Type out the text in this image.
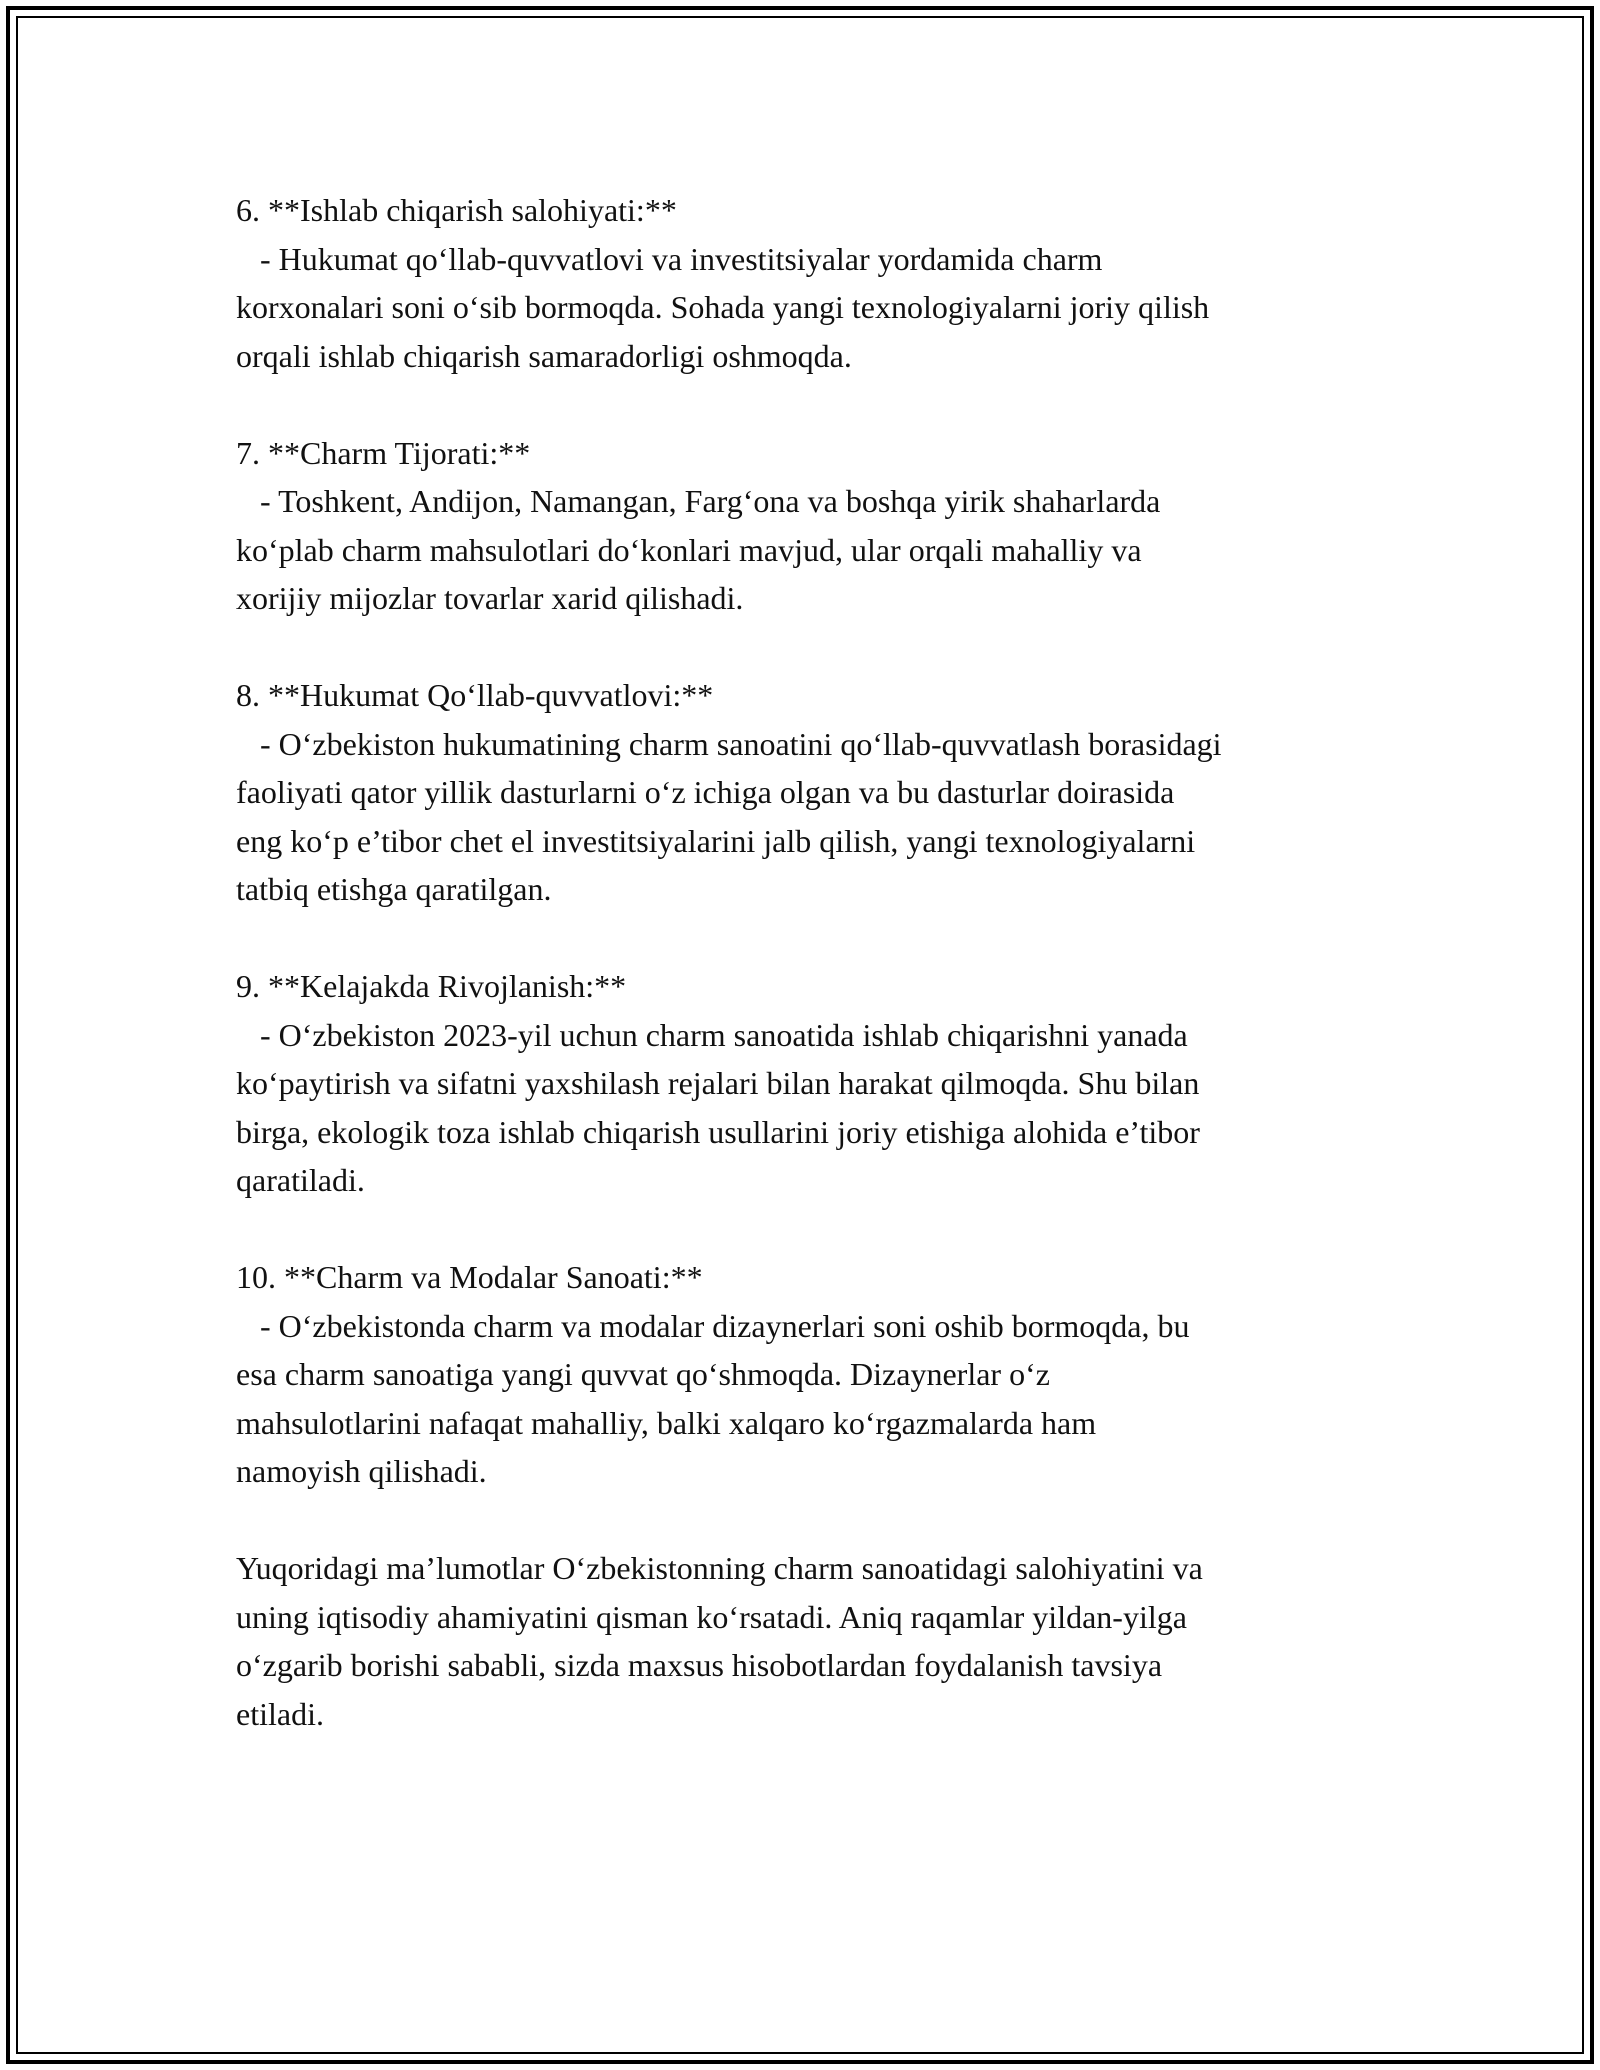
6. **Ishlab chiqarish salohiyati:**
- Hukumat qo‘llab-quvvatlovi va investitsiyalar yordamida charm
korxonalari soni o‘sib bormoqda. Sohada yangi texnologiyalarni joriy qilish
orqali ishlab chiqarish samaradorligi oshmoqda.
7. **Charm Tijorati:**
- Toshkent, Andijon, Namangan, Farg‘ona va boshqa yirik shaharlarda
ko‘plab charm mahsulotlari do‘konlari mavjud, ular orqali mahalliy va
xorijiy mijozlar tovarlar xarid qilishadi.
8. **Hukumat Qo‘llab-quvvatlovi:**
- O‘zbekiston hukumatining charm sanoatini qo‘llab-quvvatlash borasidagi
faoliyati qator yillik dasturlarni o‘z ichiga olgan va bu dasturlar doirasida
eng ko‘p e’tibor chet el investitsiyalarini jalb qilish, yangi texnologiyalarni
tatbiq etishga qaratilgan.
9. **Kelajakda Rivojlanish:**
- O‘zbekiston 2023-yil uchun charm sanoatida ishlab chiqarishni yanada
ko‘paytirish va sifatni yaxshilash rejalari bilan harakat qilmoqda. Shu bilan
birga, ekologik toza ishlab chiqarish usullarini joriy etishiga alohida e’tibor
qaratiladi.
10. **Charm va Modalar Sanoati:**
- O‘zbekistonda charm va modalar dizaynerlari soni oshib bormoqda, bu
esa charm sanoatiga yangi quvvat qo‘shmoqda. Dizaynerlar o‘z
mahsulotlarini nafaqat mahalliy, balki xalqaro ko‘rgazmalarda ham
namoyish qilishadi.
Yuqoridagi ma’lumotlar O‘zbekistonning charm sanoatidagi salohiyatini va
uning iqtisodiy ahamiyatini qisman ko‘rsatadi. Aniq raqamlar yildan-yilga
o‘zgarib borishi sababli, sizda maxsus hisobotlardan foydalanish tavsiya
etiladi.
